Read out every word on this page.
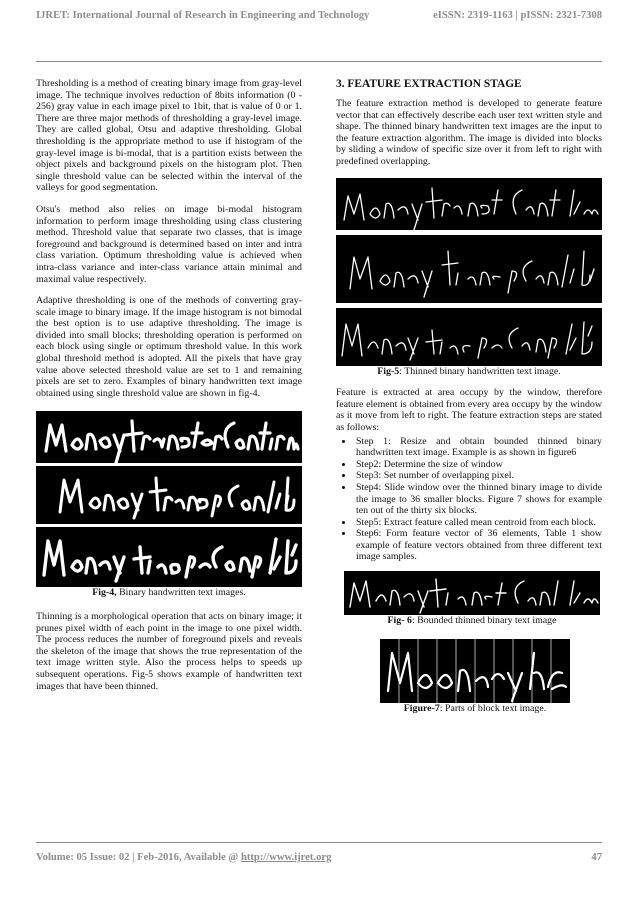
IJRET: International Journal of Research in Engineering and Technology	eISSN: 2319-1163 | pISSN: 2321-7308

Thresholding is a method of creating binary image from gray-level image. The technique involves reduction of 8bits information (0 - 256) gray value in each image pixel to 1bit, that is value of 0 or 1. There are three major methods of thresholding a gray-level image. They are called global, Otsu and adaptive thresholding. Global thresholding is the appropriate method to use if histogram of the gray-level image is bi-modal, that is a partition exists between the object pixels and background pixels on the histogram plot. Then single threshold value can be selected within the interval of the valleys for good segmentation.

Otsu's method also relies on image bi-modal histogram information to perform image thresholding using class clustering method. Threshold value that separate two classes, that is image foreground and background is determined based on inter and intra class variation. Optimum thresholding value is achieved when intra-class variance and inter-class variance attain minimal and maximal value respectively.

Adaptive thresholding is one of the methods of converting gray-scale image to binary image. If the image histogram is not bimodal the best option is to use adaptive thresholding. The image is divided into small blocks; thresholding operation is performed on each block using single or optimum threshold value. In this work global threshold method is adopted. All the pixels that have gray value above selected threshold value are set to 1 and remaining pixels are set to zero. Examples of binary handwritten text image obtained using single threshold value are shown in fig-4.

Fig-4, Binary handwritten text images.

Thinning is a morphological operation that acts on binary image; it prunes pixel width of each point in the image to one pixel width. The process reduces the number of foreground pixels and reveals the skeleton of the image that shows the true representation of the text image written style. Also the process helps to speeds up subsequent operations. Fig-5 shows example of handwritten text images that have been thinned.

3. FEATURE EXTRACTION STAGE

The feature extraction method is developed to generate feature vector that can effectively describe each user text written style and shape. The thinned binary handwritten text images are the input to the feature extraction algorithm. The image is divided into blocks by sliding a window of specific size over it from left to right with predefined overlapping.

Fig-5: Thinned binary handwritten text image.

Feature is extracted at area occupy by the window, therefore feature element is obtained from every area occupy by the window as it move from left to right. The feature extraction steps are stated as follows:

• Step 1: Resize and obtain bounded thinned binary handwritten text image. Example is as shown in figure6
• Step2: Determine the size of window
• Step3: Set number of overlapping pixel.
• Step4: Slide window over the thinned binary image to divide the image to 36 smaller blocks. Figure 7 shows for example ten out of the thirty six blocks.
• Step5: Extract feature called mean centroid from each block.
• Step6: Form feature vector of 36 elements, Table 1 show example of feature vectors obtained from three different text image samples.

Fig- 6: Bounded thinned binary text image

Figure-7: Parts of block text image.

Volume: 05 Issue: 02 | Feb-2016, Available @ http://www.ijret.org	47
